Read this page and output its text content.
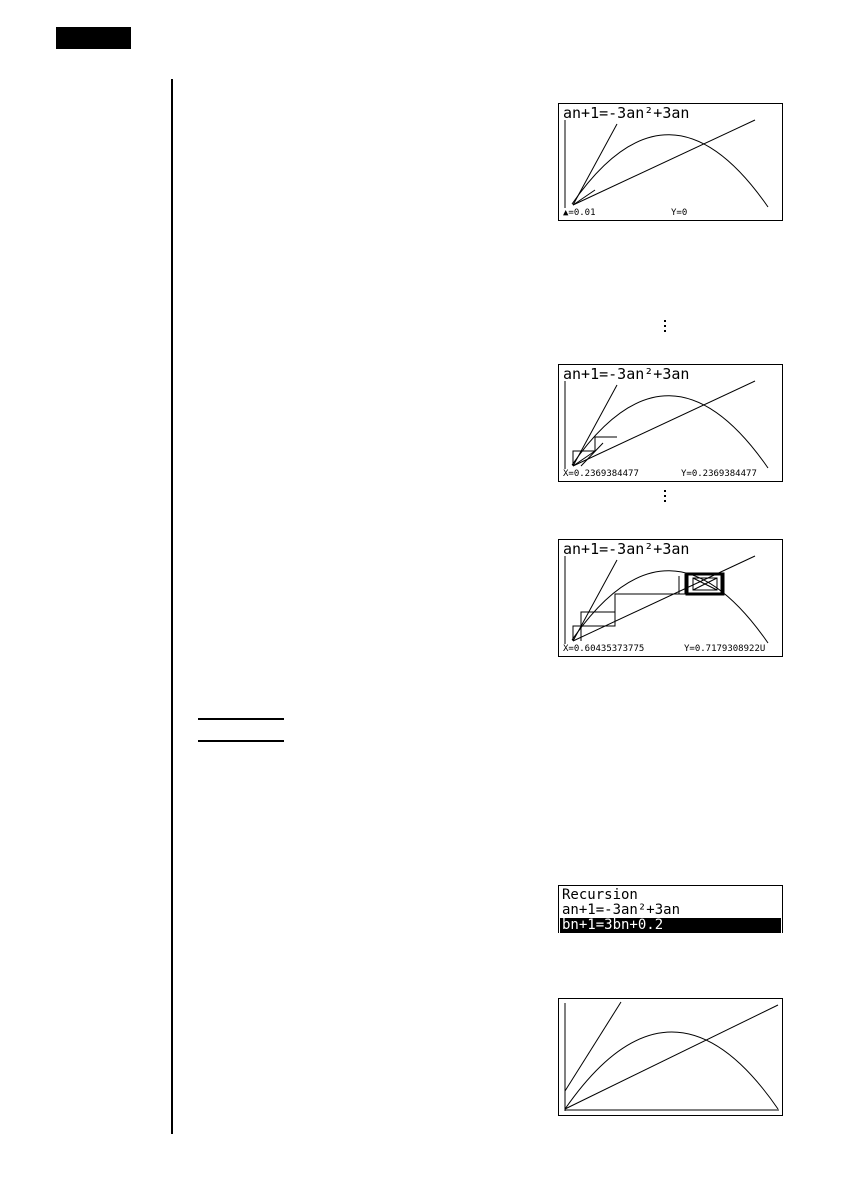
an+1=-3an²+3an
▲=0.01	Y=0
an+1=-3an²+3an
X=0.2369384477	Y=0.2369384477
an+1=-3an²+3an
X=0.60435373775	Y=0.7179308922U
Recursion
an+1=-3an²+3an
bn+1=3bn+0.2
